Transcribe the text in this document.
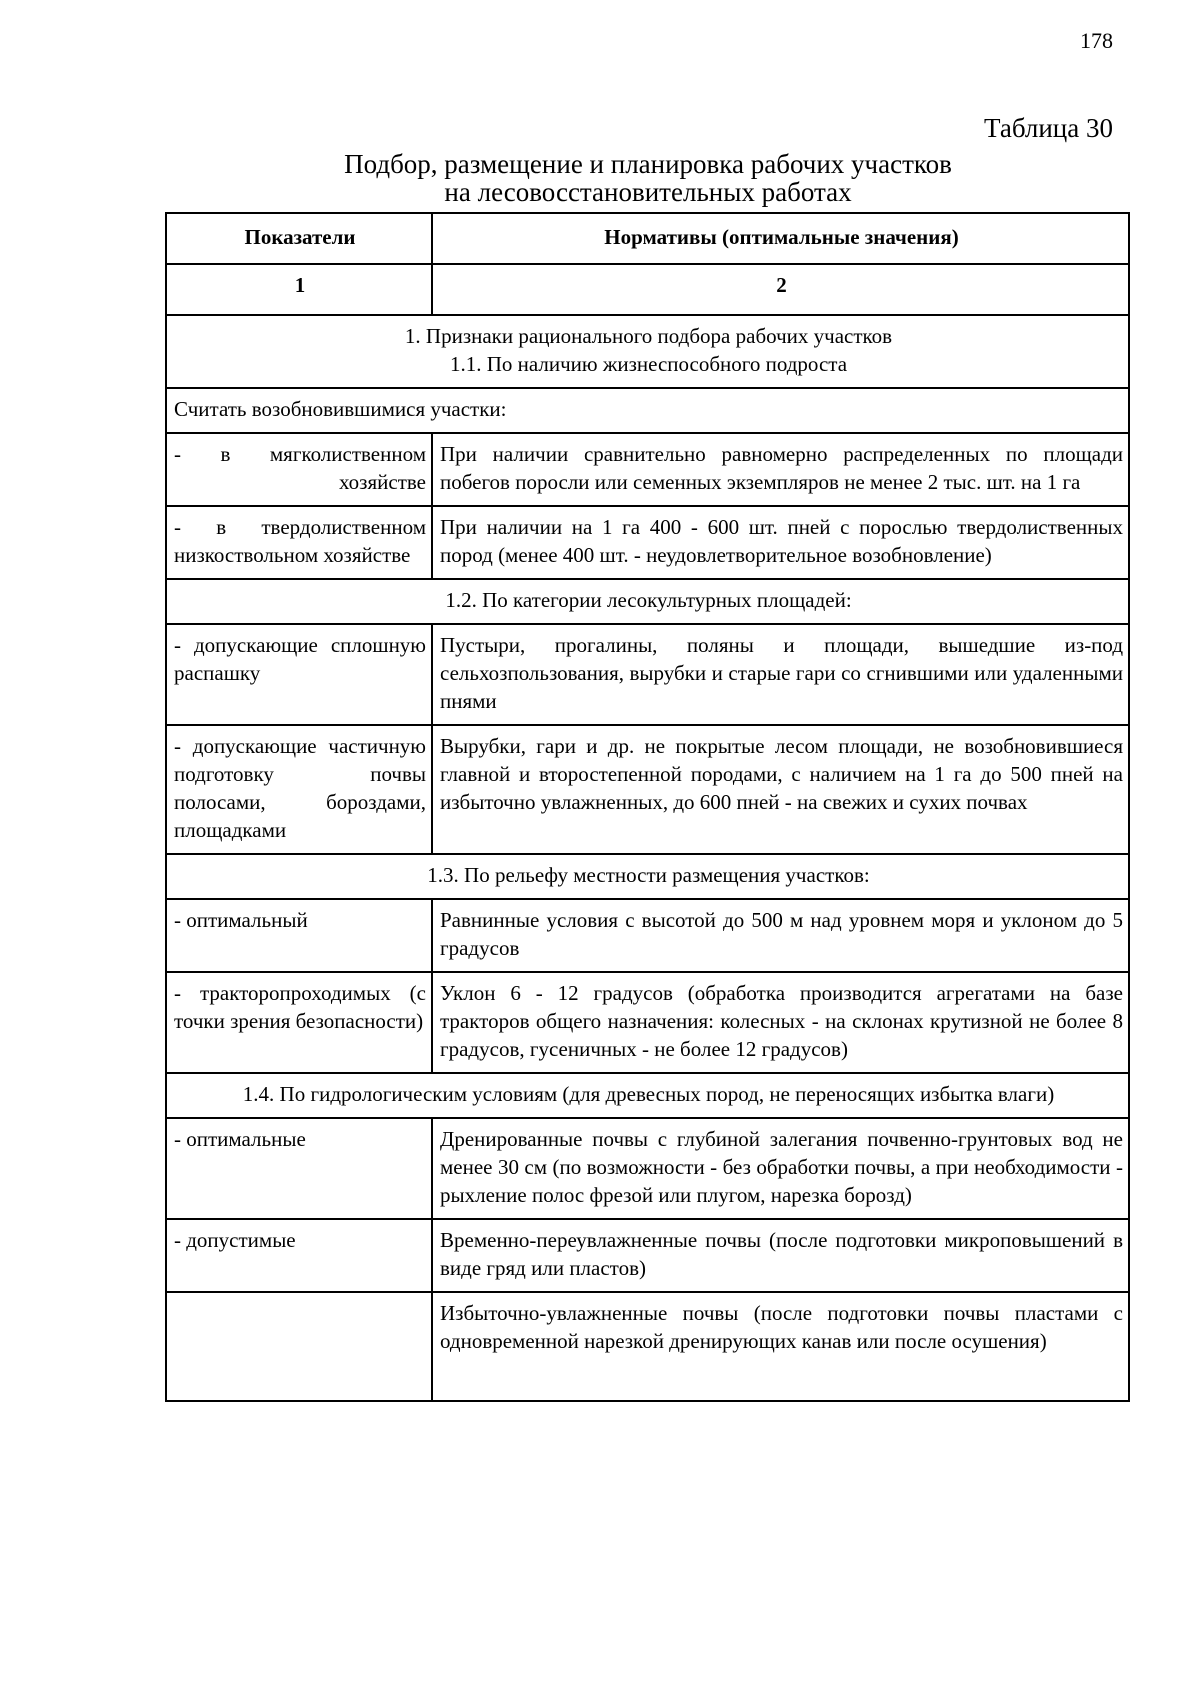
178
Таблица 30
Подбор, размещение и планировка рабочих участков
на лесовосстановительных работах
Показатели	Нормативы (оптимальные значения)
1	2

1. Признаки рационального подбора рабочих участков
1.1. По наличию жизнеспособного подроста	

Считать возобновившимися участки:	
- в мягколиственном хозяйстве	При наличии сравнительно равномерно распределенных по площади побегов поросли или семенных экземпляров не менее 2 тыс. шт. на 1 га
- в твердолиственном низкоствольном хозяйстве	При наличии на 1 га 400 - 600 шт. пней с порослью твердолиственных пород (менее 400 шт. - неудовлетворительное возобновление)
1.2. По категории лесокультурных площадей:	
- допускающие сплошную распашку	Пустыри, прогалины, поляны и площади, вышедшие из-под сельхозпользования, вырубки и старые гари со сгнившими или удаленными пнями
- допускающие частичную подготовку почвы полосами, бороздами, площадками	Вырубки, гари и др. не покрытые лесом площади, не возобновившиеся главной и второстепенной породами, с наличием на 1 га до 500 пней на избыточно увлажненных, до 600 пней - на свежих и сухих почвах
1.3. По рельефу местности размещения участков:	
- оптимальный	Равнинные условия с высотой до 500 м над уровнем моря и уклоном до 5 градусов
- тракторопроходимых (с точки зрения безопасности)	Уклон 6 - 12 градусов (обработка производится агрегатами на базе тракторов общего назначения: колесных - на склонах крутизной не более 8 градусов, гусеничных - не более 12 градусов)
1.4. По гидрологическим условиям (для древесных пород, не переносящих избытка влаги)	
- оптимальные	Дренированные почвы с глубиной залегания почвенно-грунтовых вод не менее 30 см (по возможности - без обработки почвы, а при необходимости - рыхление полос фрезой или плугом, нарезка борозд)
- допустимые	Временно-переувлажненные почвы (после подготовки микроповышений в виде гряд или пластов)
	Избыточно-увлажненные почвы (после подготовки почвы пластами с одновременной нарезкой дренирующих канав или после осушения)
